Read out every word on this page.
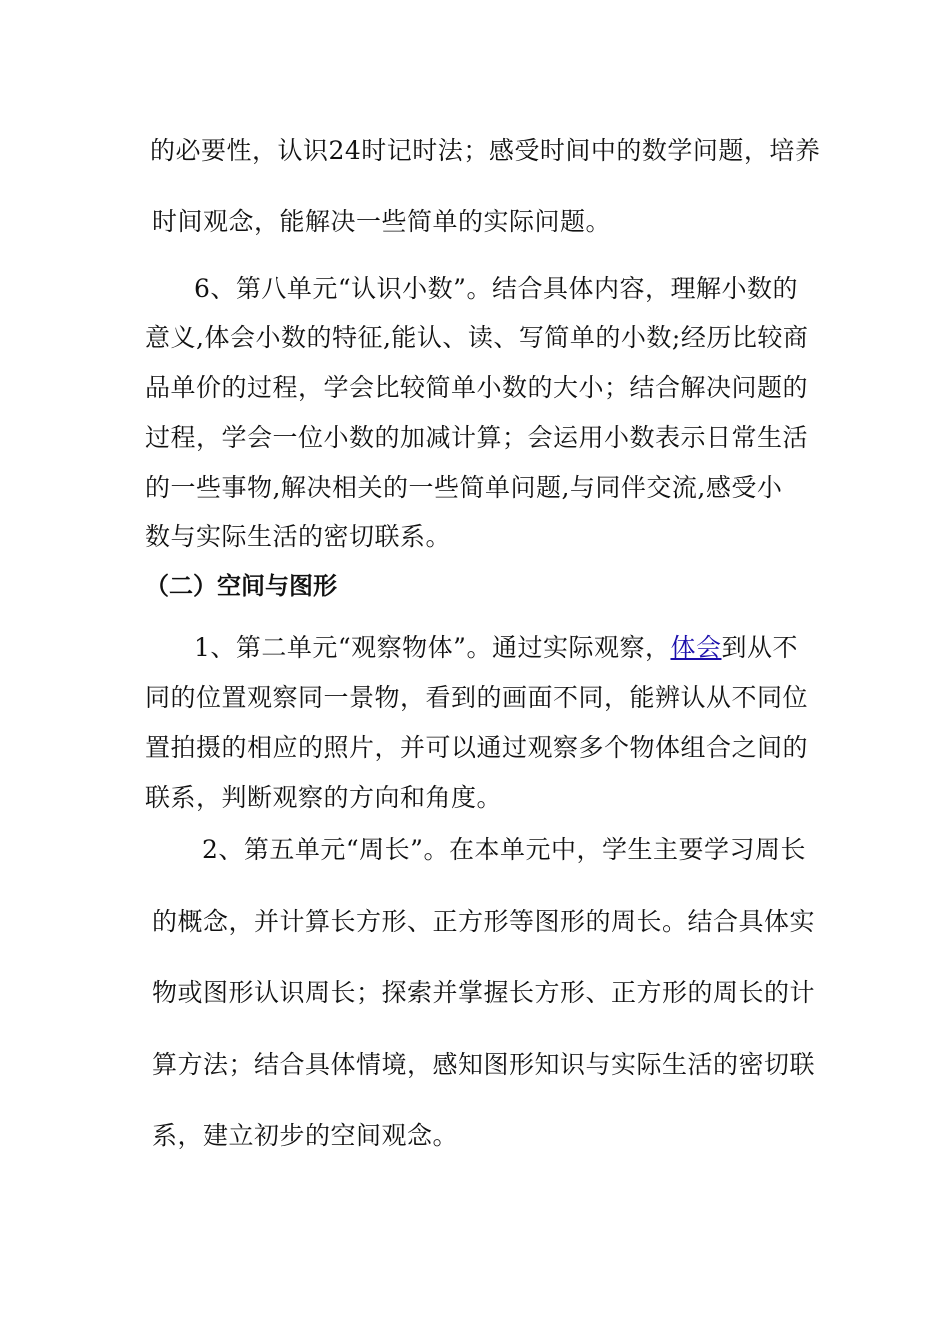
的必要性，认识24时记时法；感受时间中的数学问题，培养
时间观念，能解决一些简单的实际问题。
6、第八单元“认识小数”。结合具体内容，理解小数的
意义,体会小数的特征,能认、读、写简单的小数;经历比较商
品单价的过程，学会比较简单小数的大小；结合解决问题的
过程，学会一位小数的加减计算；会运用小数表示日常生活
的一些事物,解决相关的一些简单问题,与同伴交流,感受小
数与实际生活的密切联系。
（二）空间与图形
1、第二单元“观察物体”。通过实际观察，体会到从不
同的位置观察同一景物，看到的画面不同，能辨认从不同位
置拍摄的相应的照片，并可以通过观察多个物体组合之间的
联系，判断观察的方向和角度。
2、第五单元“周长”。在本单元中，学生主要学习周长
的概念，并计算长方形、正方形等图形的周长。结合具体实
物或图形认识周长；探索并掌握长方形、正方形的周长的计
算方法；结合具体情境，感知图形知识与实际生活的密切联
系，建立初步的空间观念。
